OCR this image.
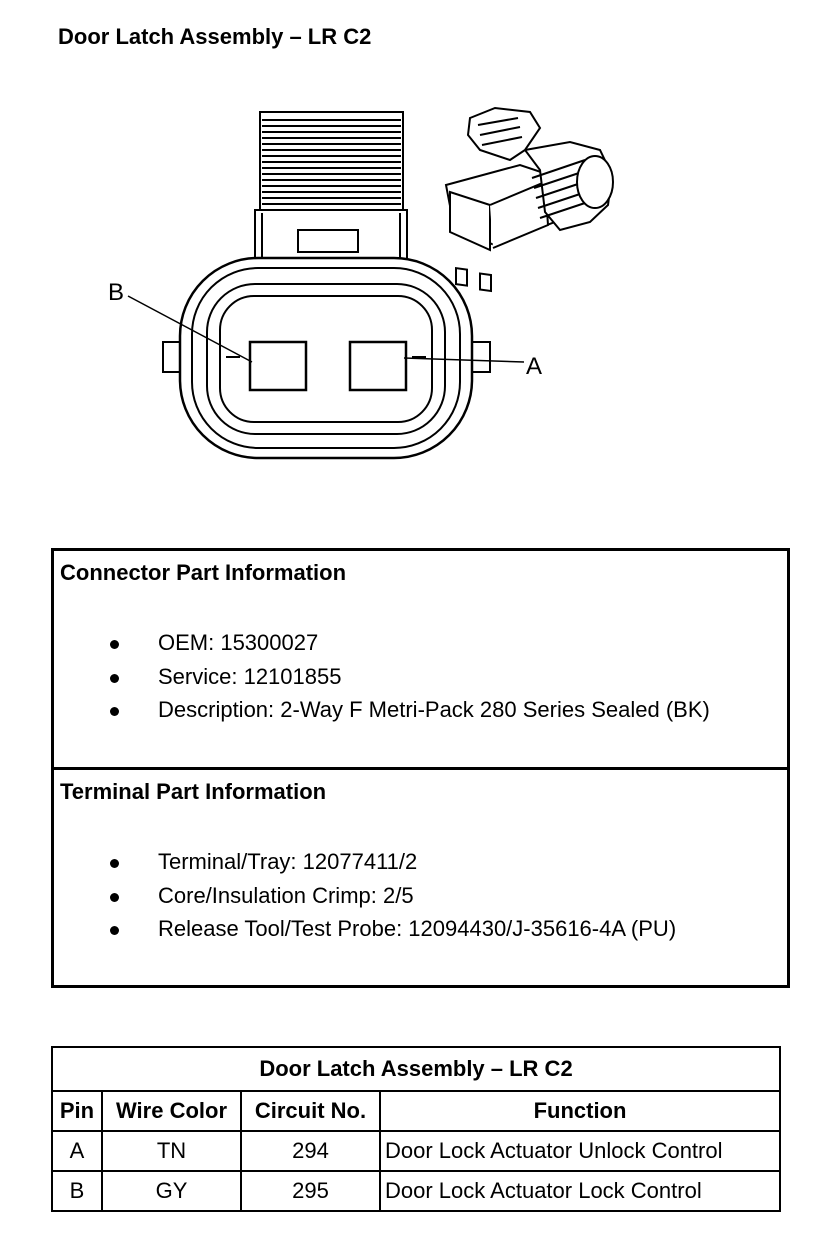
Door Latch Assembly – LR C2
B
A
Connector Part Information
OEM: 15300027
Service: 12101855
Description: 2-Way F Metri-Pack 280 Series Sealed (BK)
Terminal Part Information
Terminal/Tray: 12077411/2
Core/Insulation Crimp: 2/5
Release Tool/Test Probe: 12094430/J-35616-4A (PU)
Door Latch Assembly – LR C2			
Pin	Wire Color	Circuit No.	Function
A	TN	294	Door Lock Actuator Unlock Control
B	GY	295	Door Lock Actuator Lock Control
